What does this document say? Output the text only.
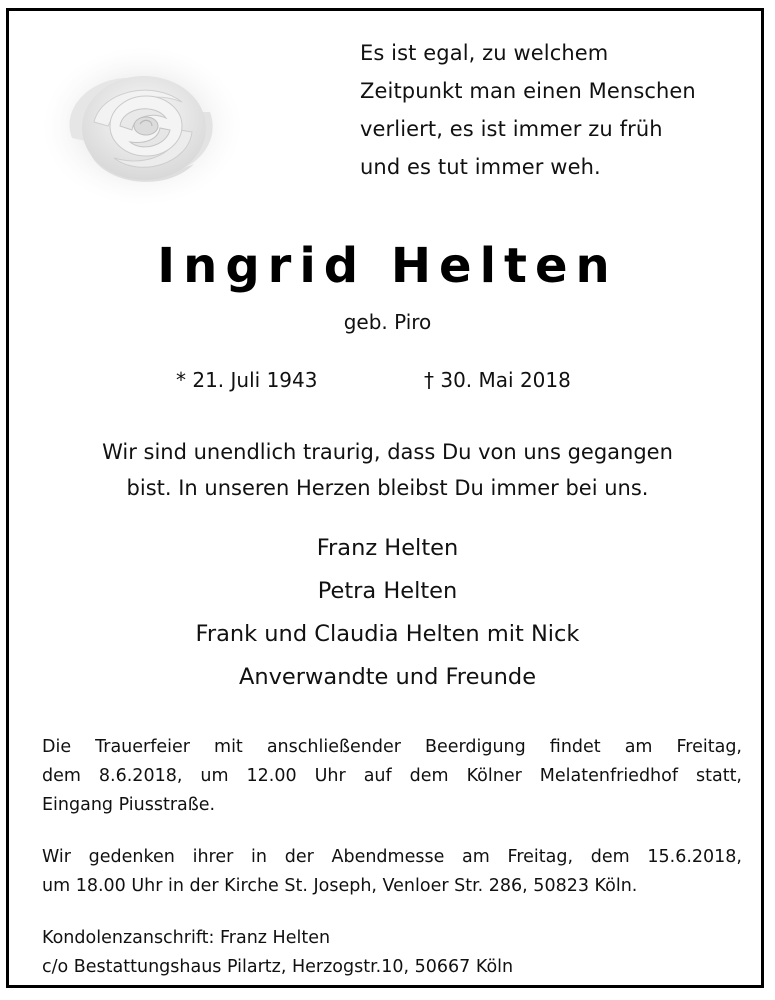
Es ist egal, zu welchem
Zeitpunkt man einen Menschen
verliert, es ist immer zu früh
und es tut immer weh.
Ingrid Helten
geb. Piro
* 21. Juli 1943	† 30. Mai 2018
Wir sind unendlich traurig, dass Du von uns gegangen
bist. In unseren Herzen bleibst Du immer bei uns.
Franz Helten
Petra Helten
Frank und Claudia Helten mit Nick
Anverwandte und Freunde
Die Trauerfeier mit anschließender Beerdigung findet am Freitag,
dem 8.6.2018, um 12.00 Uhr auf dem Kölner Melatenfriedhof statt,
Eingang Piusstraße.
Wir gedenken ihrer in der Abendmesse am Freitag, dem 15.6.2018,
um 18.00 Uhr in der Kirche St. Joseph, Venloer Str. 286, 50823 Köln.
Kondolenzanschrift: Franz Helten
c/o Bestattungshaus Pilartz, Herzogstr.10, 50667 Köln
